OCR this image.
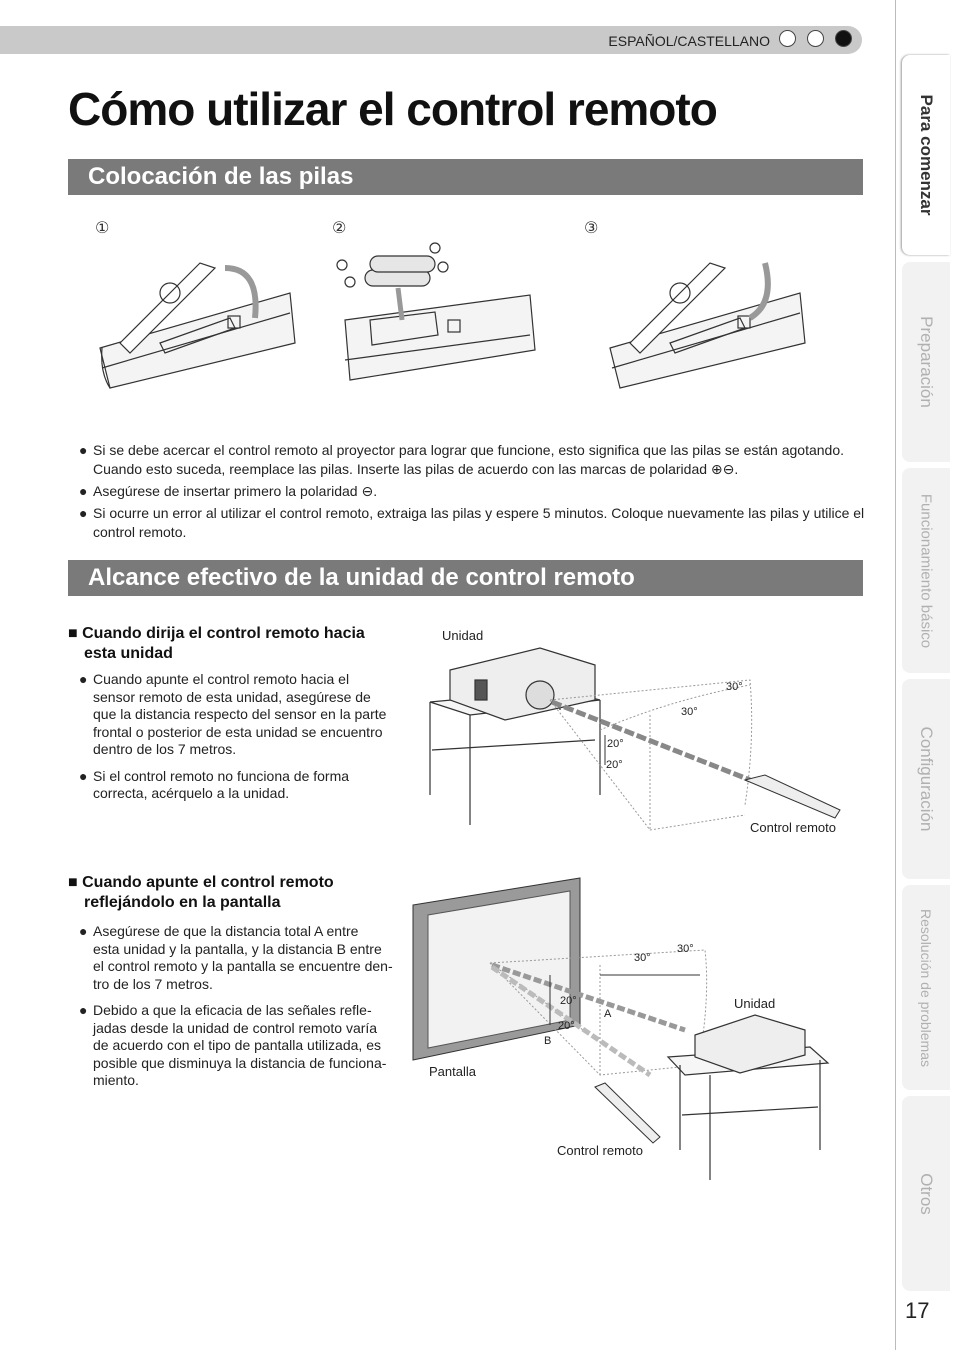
ESPAÑOL/CASTELLANO
Cómo utilizar el control remoto
Colocación de las pilas
①	②	③
● Si se debe acercar el control remoto al proyector para lograr que funcione, esto significa que las pilas se están agotando.
Cuando esto suceda, reemplace las pilas. Inserte las pilas de acuerdo con las marcas de polaridad ⊕⊖.
● Asegúrese de insertar primero la polaridad ⊖.
● Si ocurre un error al utilizar el control remoto, extraiga las pilas y espere 5 minutos. Coloque nuevamente las pilas y utilice el
control remoto.
Alcance efectivo de la unidad de control remoto
■ Cuando dirija el control remoto hacia
esta unidad
● Cuando apunte el control remoto hacia el
sensor remoto de esta unidad, asegúrese de
que la distancia respecto del sensor en la parte
frontal o posterior de esta unidad se encuentro
dentro de los 7 metros.
● Si el control remoto no funciona de forma
correcta, acérquelo a la unidad.
Unidad
30°
30°
20°
20°
Control remoto
■ Cuando apunte el control remoto
reflejándolo en la pantalla
● Asegúrese de que la distancia total A entre
esta unidad y la pantalla, y la distancia B entre
el control remoto y la pantalla se encuentre den-
tro de los 7 metros.
● Debido a que la eficacia de las señales refle-
jadas desde la unidad de control remoto varía
de acuerdo con el tipo de pantalla utilizada, es
posible que disminuya la distancia de funciona-
miento.
30°
30°
20°
20°
A
B
Unidad
Pantalla
Control remoto
Para comenzar
Preparación
Funcionamiento básico
Configuración
Resolución de problemas
Otros
17
